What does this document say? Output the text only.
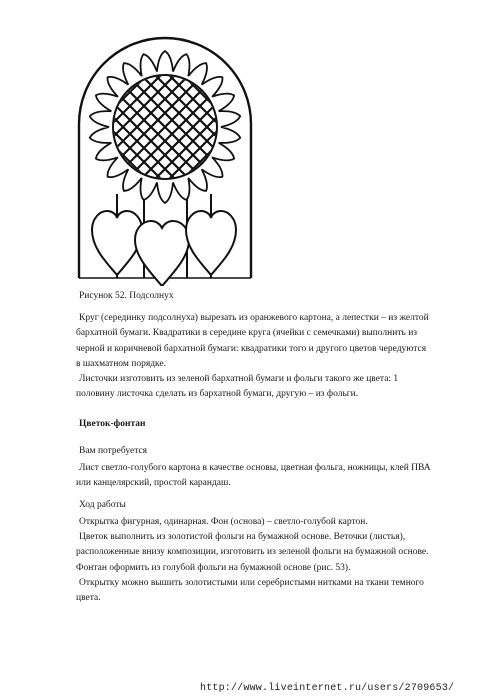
Рисунок 52. Подсолнух

Круг (серединку подсолнуха) вырезать из оранжевого картона, а лепестки – из желтой бархатной бумаги. Квадратики в середине круга (ячейки с семечками) выполнить из черной и коричневой бархатной бумаги: квадратики того и другого цветов чередуются в шахматном порядке.

Листочки изготовить из зеленой бархатной бумаги и фольги такого же цвета: 1 половину листочка сделать из бархатной бумаги, другую – из фольги.

Цветок-фонтан
Вам потребуется

Лист светло-голубого картона в качестве основы, цветная фольга, ножницы, клей ПВА или канцелярский, простой карандаш.

Ход работы

Открытка фигурная, одинарная. Фон (основа) – светло-голубой картон.

Цветок выполнить из золотистой фольги на бумажной основе. Веточки (листья), расположенные внизу композиции, изготовить из зеленой фольги на бумажной основе. Фонтан оформить из голубой фольги на бумажной основе (рис. 53).

Открытку можно вышить золотистыми или серебристыми нитками на ткани темного цвета.

http://www.liveinternet.ru/users/2709653/
